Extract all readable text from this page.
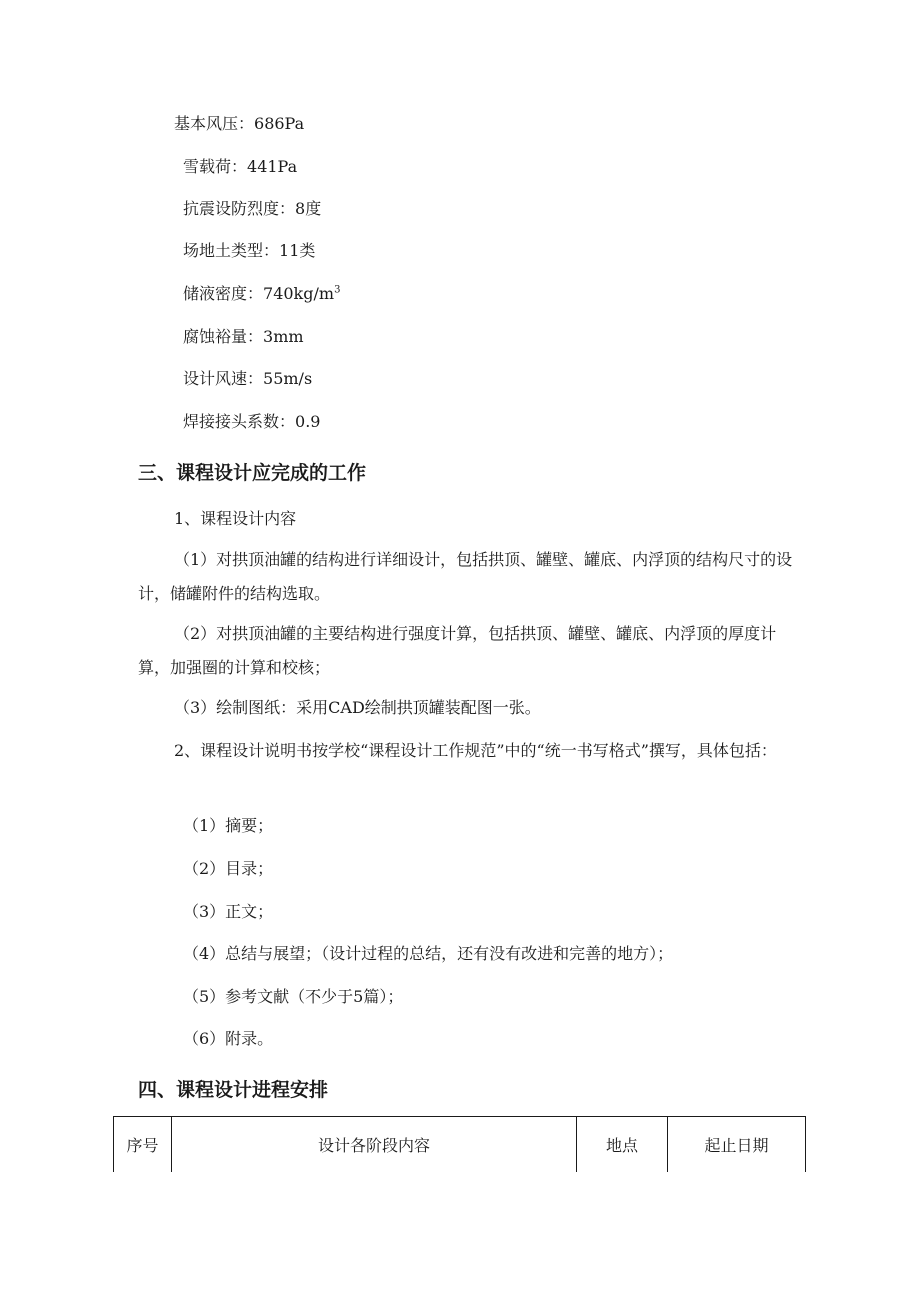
基本风压：686Pa
雪载荷：441Pa
抗震设防烈度：8度
场地土类型：11类
储液密度：$740kg/m^3$
腐蚀裕量：3mm
设计风速：55m/s
焊接接头系数：0.9
三、课程设计应完成的工作
1、课程设计内容
（1）对拱顶油罐的结构进行详细设计，包括拱顶、罐壁、罐底、内浮顶的结构尺寸的设计，储罐附件的结构选取。
（2）对拱顶油罐的主要结构进行强度计算，包括拱顶、罐壁、罐底、内浮顶的厚度计算，加强圈的计算和校核；
（3）绘制图纸：采用CAD绘制拱顶罐装配图一张。
2、课程设计说明书按学校“课程设计工作规范”中的“统一书写格式”撰写，具体包括：
（1）摘要；
（2）目录；
（3）正文；
（4）总结与展望；（设计过程的总结，还有没有改进和完善的地方）；
（5）参考文献（不少于5篇）；
（6）附录。
四、课程设计进程安排
序号	设计各阶段内容	地点	起止日期
